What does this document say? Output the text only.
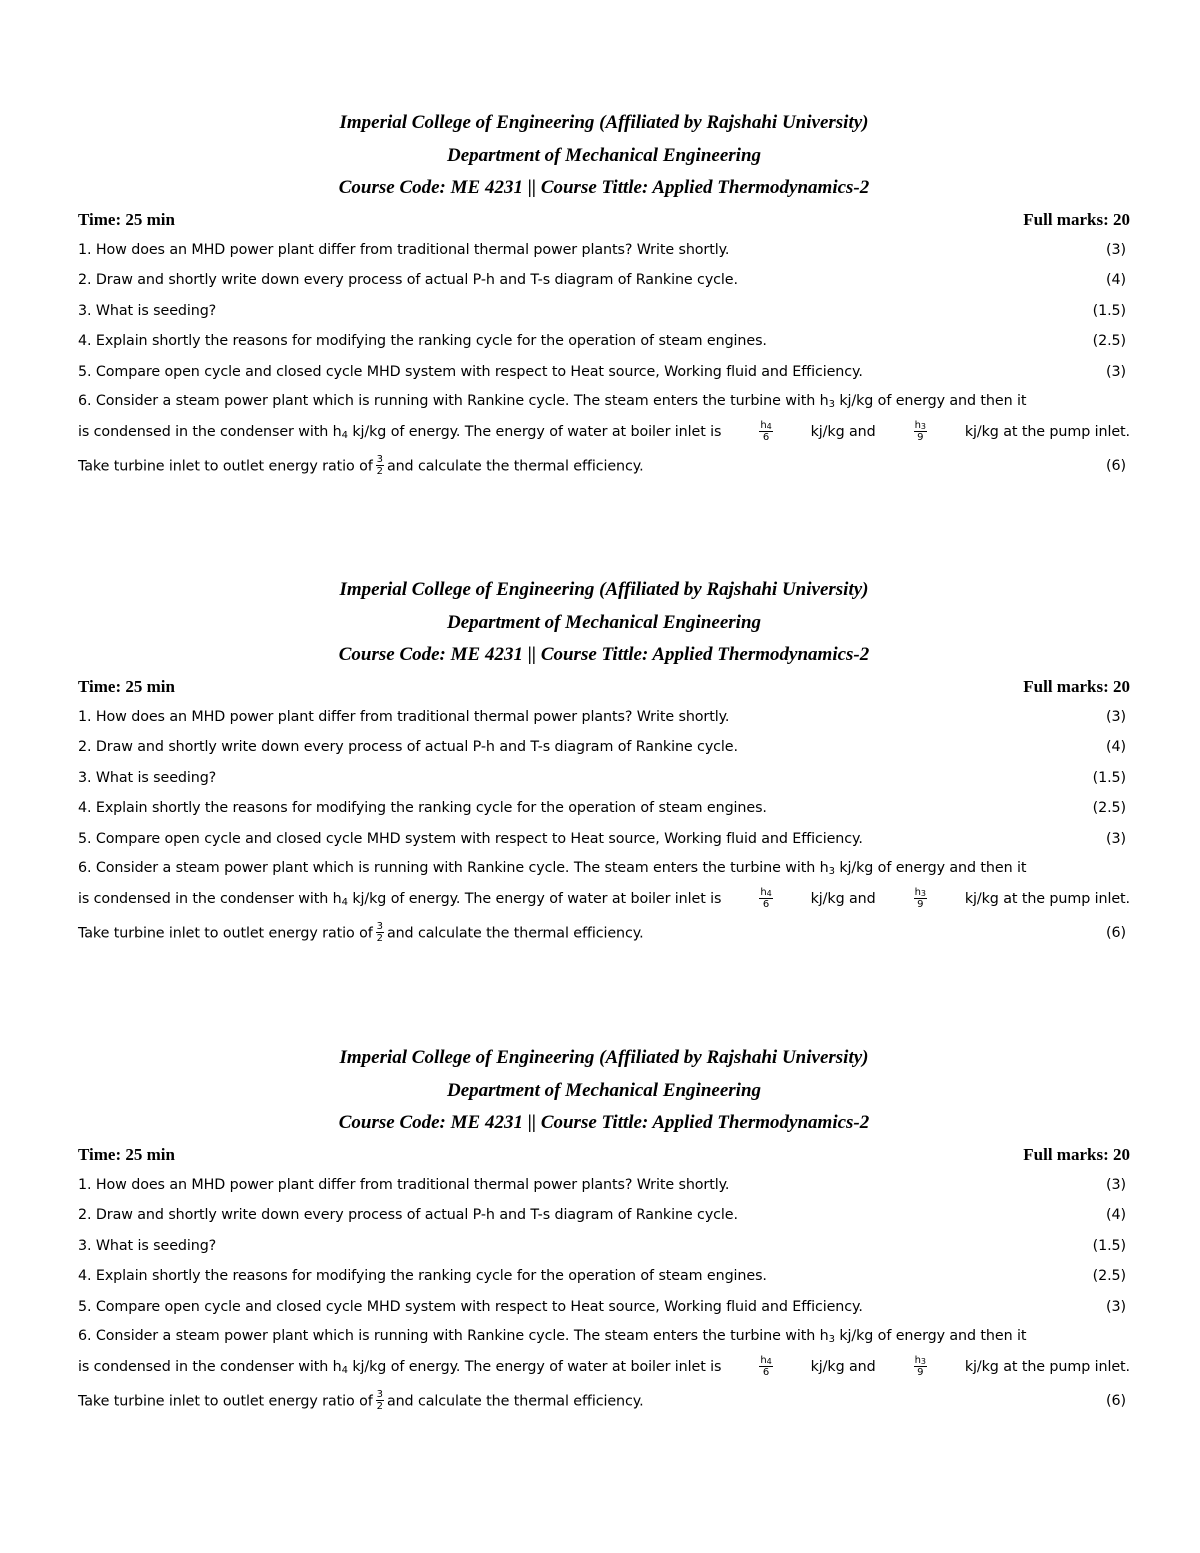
Imperial College of Engineering (Affiliated by Rajshahi University)
Department of Mechanical Engineering
Course Code: ME 4231 || Course Tittle: Applied Thermodynamics-2
Time: 25 min	Full marks: 20
1. How does an MHD power plant differ from traditional thermal power plants? Write shortly.	(3)
2. Draw and shortly write down every process of actual P-h and T-s diagram of Rankine cycle.	(4)
3. What is seeding?	(1.5)
4. Explain shortly the reasons for modifying the ranking cycle for the operation of steam engines.	(2.5)
5. Compare open cycle and closed cycle MHD system with respect to Heat source, Working fluid and Efficiency.	(3)
6. Consider a steam power plant which is running with Rankine cycle. The steam enters the turbine with $h_3$ kj/kg of energy and then it
is condensed in the condenser with $h_4$ kj/kg of energy. The energy of water at boiler inlet is	$\frac{h_4}{6}$	kj/kg and	$\frac{h_3}{9}$	kj/kg at the pump inlet.
Take turbine inlet to outlet energy ratio of $\frac{3}{2}$ and calculate the thermal efficiency.	(6)
Imperial College of Engineering (Affiliated by Rajshahi University)
Department of Mechanical Engineering
Course Code: ME 4231 || Course Tittle: Applied Thermodynamics-2
Time: 25 min	Full marks: 20
1. How does an MHD power plant differ from traditional thermal power plants? Write shortly.	(3)
2. Draw and shortly write down every process of actual P-h and T-s diagram of Rankine cycle.	(4)
3. What is seeding?	(1.5)
4. Explain shortly the reasons for modifying the ranking cycle for the operation of steam engines.	(2.5)
5. Compare open cycle and closed cycle MHD system with respect to Heat source, Working fluid and Efficiency.	(3)
6. Consider a steam power plant which is running with Rankine cycle. The steam enters the turbine with $h_3$ kj/kg of energy and then it
is condensed in the condenser with $h_4$ kj/kg of energy. The energy of water at boiler inlet is	$\frac{h_4}{6}$	kj/kg and	$\frac{h_3}{9}$	kj/kg at the pump inlet.
Take turbine inlet to outlet energy ratio of $\frac{3}{2}$ and calculate the thermal efficiency.	(6)
Imperial College of Engineering (Affiliated by Rajshahi University)
Department of Mechanical Engineering
Course Code: ME 4231 || Course Tittle: Applied Thermodynamics-2
Time: 25 min	Full marks: 20
1. How does an MHD power plant differ from traditional thermal power plants? Write shortly.	(3)
2. Draw and shortly write down every process of actual P-h and T-s diagram of Rankine cycle.	(4)
3. What is seeding?	(1.5)
4. Explain shortly the reasons for modifying the ranking cycle for the operation of steam engines.	(2.5)
5. Compare open cycle and closed cycle MHD system with respect to Heat source, Working fluid and Efficiency.	(3)
6. Consider a steam power plant which is running with Rankine cycle. The steam enters the turbine with $h_3$ kj/kg of energy and then it
is condensed in the condenser with $h_4$ kj/kg of energy. The energy of water at boiler inlet is	$\frac{h_4}{6}$	kj/kg and	$\frac{h_3}{9}$	kj/kg at the pump inlet.
Take turbine inlet to outlet energy ratio of $\frac{3}{2}$ and calculate the thermal efficiency.	(6)
